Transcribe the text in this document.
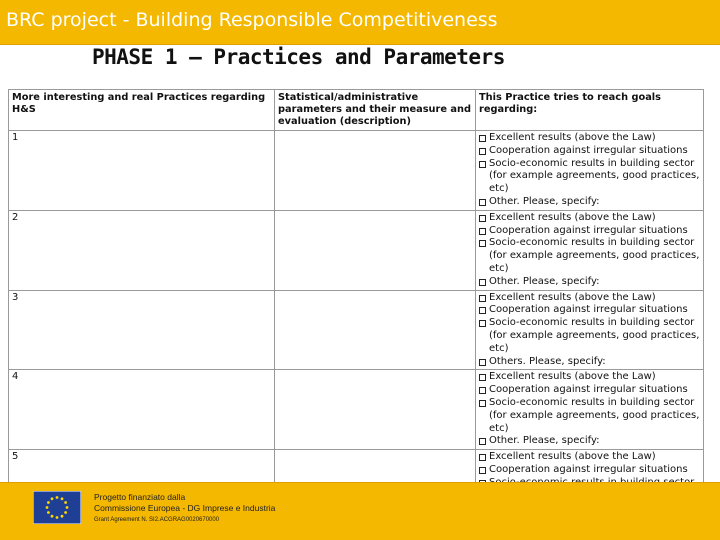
BRC project - Building Responsible Competitiveness
PHASE 1 – Practices and Parameters
More interesting and real Practices regarding H&S	Statistical/administrative parameters and their measure and evaluation (description)	This Practice tries to reach goals regarding:
1		Excellent results (above the Law)
Cooperation against irregular situations
Socio-economic results in building sector (for example agreements, good practices, etc)
Other. Please, specify:

2		Excellent results (above the Law)
Cooperation against irregular situations
Socio-economic results in building sector (for example agreements, good practices, etc)
Other. Please, specify:

3		Excellent results (above the Law)
Cooperation against irregular situations
Socio-economic results in building sector (for example agreements, good practices, etc)
Others. Please, specify:

4		Excellent results (above the Law)
Cooperation against irregular situations
Socio-economic results in building sector (for example agreements, good practices, etc)
Other. Please, specify:

5		Excellent results (above the Law)
Cooperation against irregular situations
Progetto finanziato dalla
Commissione Europea - DG Imprese e Industria
Grant Agreement N. SI2.ACGRAG0020670000
